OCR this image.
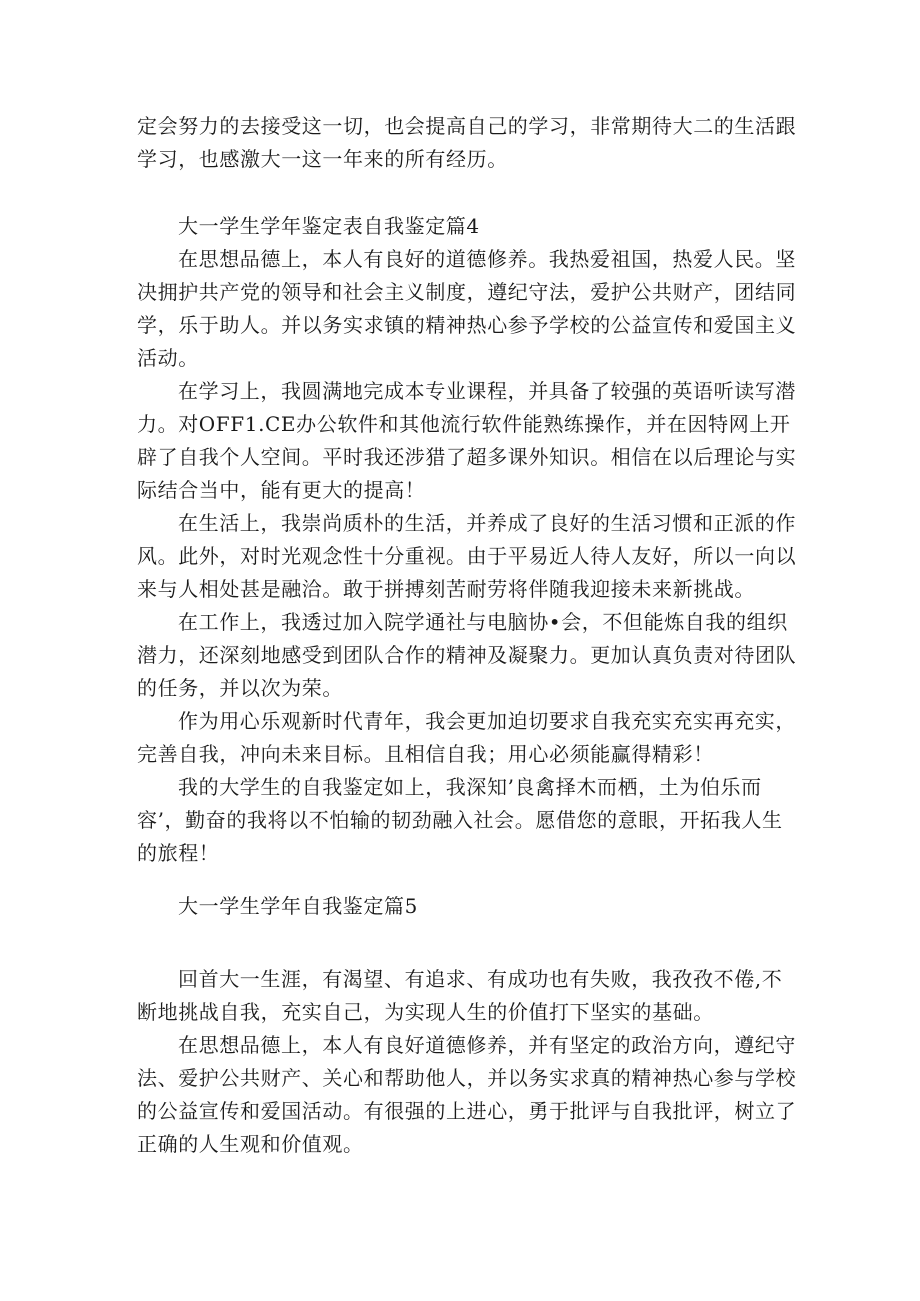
定会努力的去接受这一切，也会提高自己的学习，非常期待大二的生活跟学习，也感激大一这一年来的所有经历。

大一学生学年鉴定表自我鉴定篇4

在思想品德上，本人有良好的道德修养。我热爱祖国，热爱人民。坚决拥护共产党的领导和社会主义制度，遵纪守法，爱护公共财产，团结同学，乐于助人。并以务实求镇的精神热心参予学校的公益宣传和爱国主义活动。

在学习上，我圆满地完成本专业课程，并具备了较强的英语听读写潜力。对OFF1.CE办公软件和其他流行软件能熟练操作，并在因特网上开辟了自我个人空间。平时我还涉猎了超多课外知识。相信在以后理论与实际结合当中，能有更大的提高！

在生活上，我崇尚质朴的生活，并养成了良好的生活习惯和正派的作风。此外，对时光观念性十分重视。由于平易近人待人友好，所以一向以来与人相处甚是融洽。敢于拼搏刻苦耐劳将伴随我迎接未来新挑战。

在工作上，我透过加入院学通社与电脑协•会，不但能炼自我的组织潜力，还深刻地感受到团队合作的精神及凝聚力。更加认真负责对待团队的任务，并以次为荣。

作为用心乐观新时代青年，我会更加迫切要求自我充实充实再充实，完善自我，冲向未来目标。且相信自我；用心必须能赢得精彩！

我的大学生的自我鉴定如上，我深知’良禽择木而栖，土为伯乐而容’，勤奋的我将以不怕输的韧劲融入社会。愿借您的意眼，开拓我人生的旅程！

大一学生学年自我鉴定篇5

回首大一生涯，有渴望、有追求、有成功也有失败，我孜孜不倦,不断地挑战自我，充实自己，为实现人生的价值打下坚实的基础。

在思想品德上，本人有良好道德修养，并有坚定的政治方向，遵纪守法、爱护公共财产、关心和帮助他人，并以务实求真的精神热心参与学校的公益宣传和爱国活动。有很强的上进心，勇于批评与自我批评，树立了正确的人生观和价值观。
